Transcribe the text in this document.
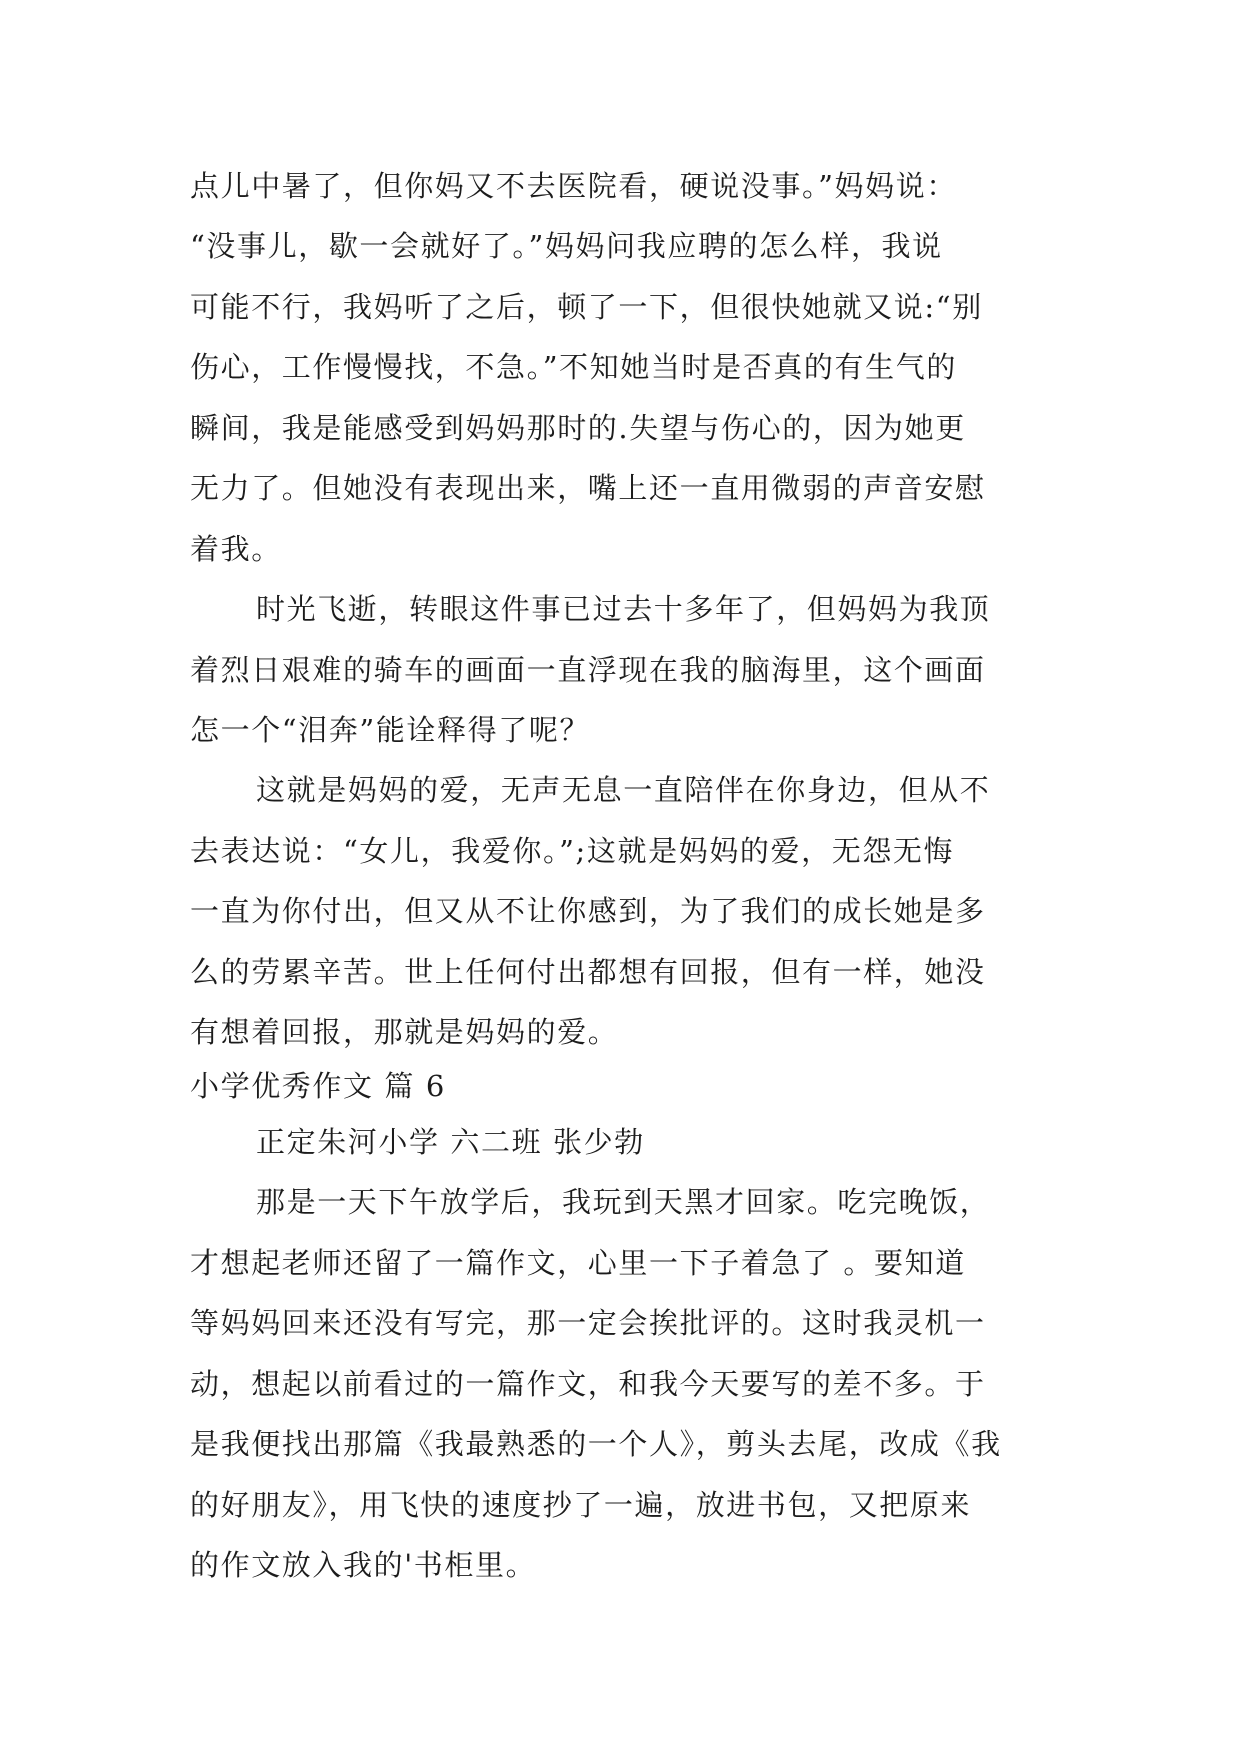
点儿中暑了，但你妈又不去医院看，硬说没事。”妈妈说：
“没事儿，歇一会就好了。”妈妈问我应聘的怎么样，我说
可能不行，我妈听了之后，顿了一下，但很快她就又说:“别
伤心，工作慢慢找，不急。”不知她当时是否真的有生气的
瞬间，我是能感受到妈妈那时的.失望与伤心的，因为她更
无力了。但她没有表现出来，嘴上还一直用微弱的声音安慰
着我。
时光飞逝，转眼这件事已过去十多年了，但妈妈为我顶
着烈日艰难的骑车的画面一直浮现在我的脑海里，这个画面
怎一个“泪奔”能诠释得了呢？
这就是妈妈的爱，无声无息一直陪伴在你身边，但从不
去表达说：“女儿，我爱你。”;这就是妈妈的爱，无怨无悔
一直为你付出，但又从不让你感到，为了我们的成长她是多
么的劳累辛苦。世上任何付出都想有回报，但有一样，她没
有想着回报，那就是妈妈的爱。
小学优秀作文 篇 6
正定朱河小学 六二班 张少勃
那是一天下午放学后，我玩到天黑才回家。吃完晚饭，
才想起老师还留了一篇作文，心里一下子着急了 。要知道
等妈妈回来还没有写完，那一定会挨批评的。这时我灵机一
动，想起以前看过的一篇作文，和我今天要写的差不多。于
是我便找出那篇《我最熟悉的一个人》，剪头去尾，改成《我
的好朋友》，用飞快的速度抄了一遍，放进书包，又把原来
的作文放入我的'书柜里。
